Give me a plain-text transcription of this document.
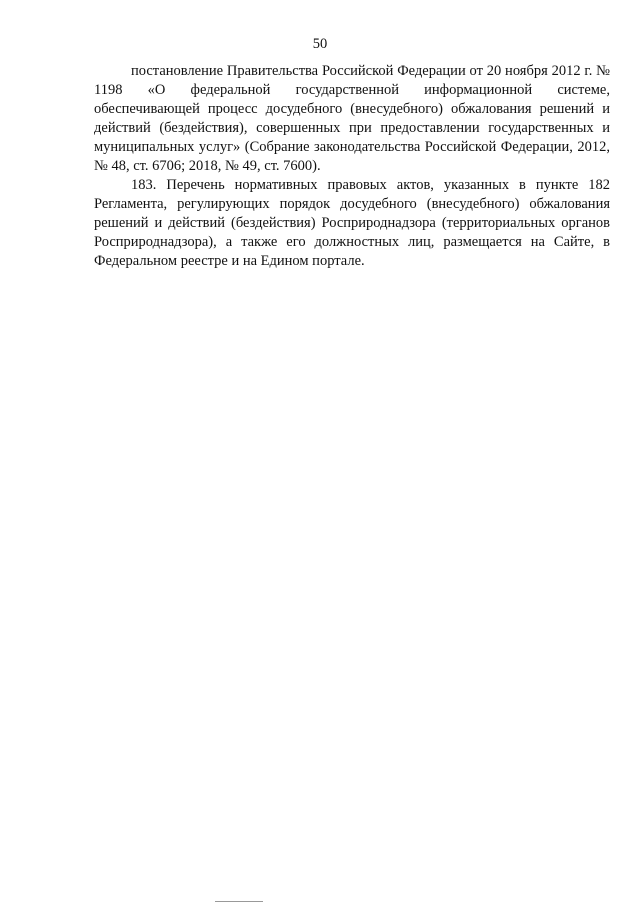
50

постановление Правительства Российской Федерации от 20 ноября 2012 г. № 1198 «О федеральной государственной информационной системе, обеспечивающей процесс досудебного (внесудебного) обжалования решений и действий (бездействия), совершенных при предоставлении государственных и муниципальных услуг» (Собрание законодательства Российской Федерации, 2012, № 48, ст. 6706; 2018, № 49, ст. 7600).

183. Перечень нормативных правовых актов, указанных в пункте 182 Регламента, регулирующих порядок досудебного (внесудебного) обжалования решений и действий (бездействия) Росприроднадзора (территориальных органов Росприроднадзора), а также его должностных лиц, размещается на Сайте, в Федеральном реестре и на Едином портале.
